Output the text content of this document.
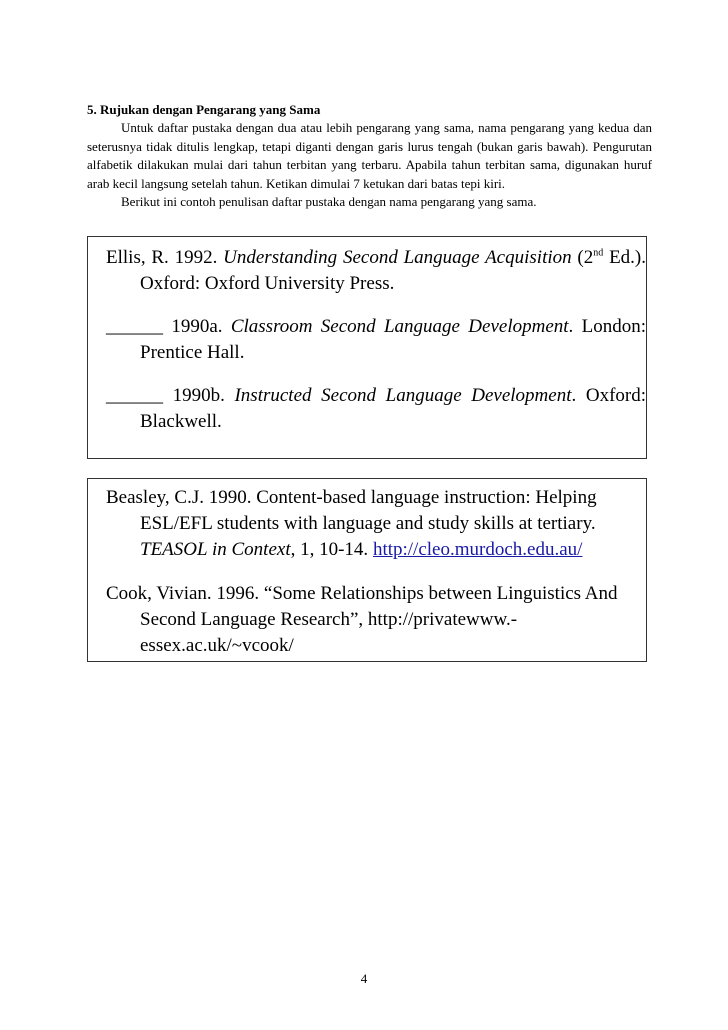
5. Rujukan dengan Pengarang yang Sama

Untuk daftar pustaka dengan dua atau lebih pengarang yang sama, nama pengarang yang kedua dan seterusnya tidak ditulis lengkap, tetapi diganti dengan garis lurus tengah (bukan garis bawah). Pengurutan alfabetik dilakukan mulai dari tahun terbitan yang terbaru. Apabila tahun terbitan sama, digunakan huruf arab kecil langsung setelah tahun. Ketikan dimulai 7 ketukan dari batas tepi kiri.

Berikut ini contoh penulisan daftar pustaka dengan nama pengarang yang sama.

Ellis, R. 1992. Understanding Second Language Acquisition (2nd Ed.). Oxford: Oxford University Press.

______ 1990a. Classroom Second Language Development. London: Prentice Hall.

______ 1990b. Instructed Second Language Development. Oxford: Blackwell.

Beasley, C.J. 1990. Content-based language instruction: Helping ESL/EFL students with language and study skills at tertiary. TEASOL in Context, 1, 10-14. http://cleo.murdoch.edu.au/

Cook, Vivian. 1996. “Some Relationships between Linguistics And Second Language Research”, http://privatewww.-essex.ac.uk/~vcook/

4
